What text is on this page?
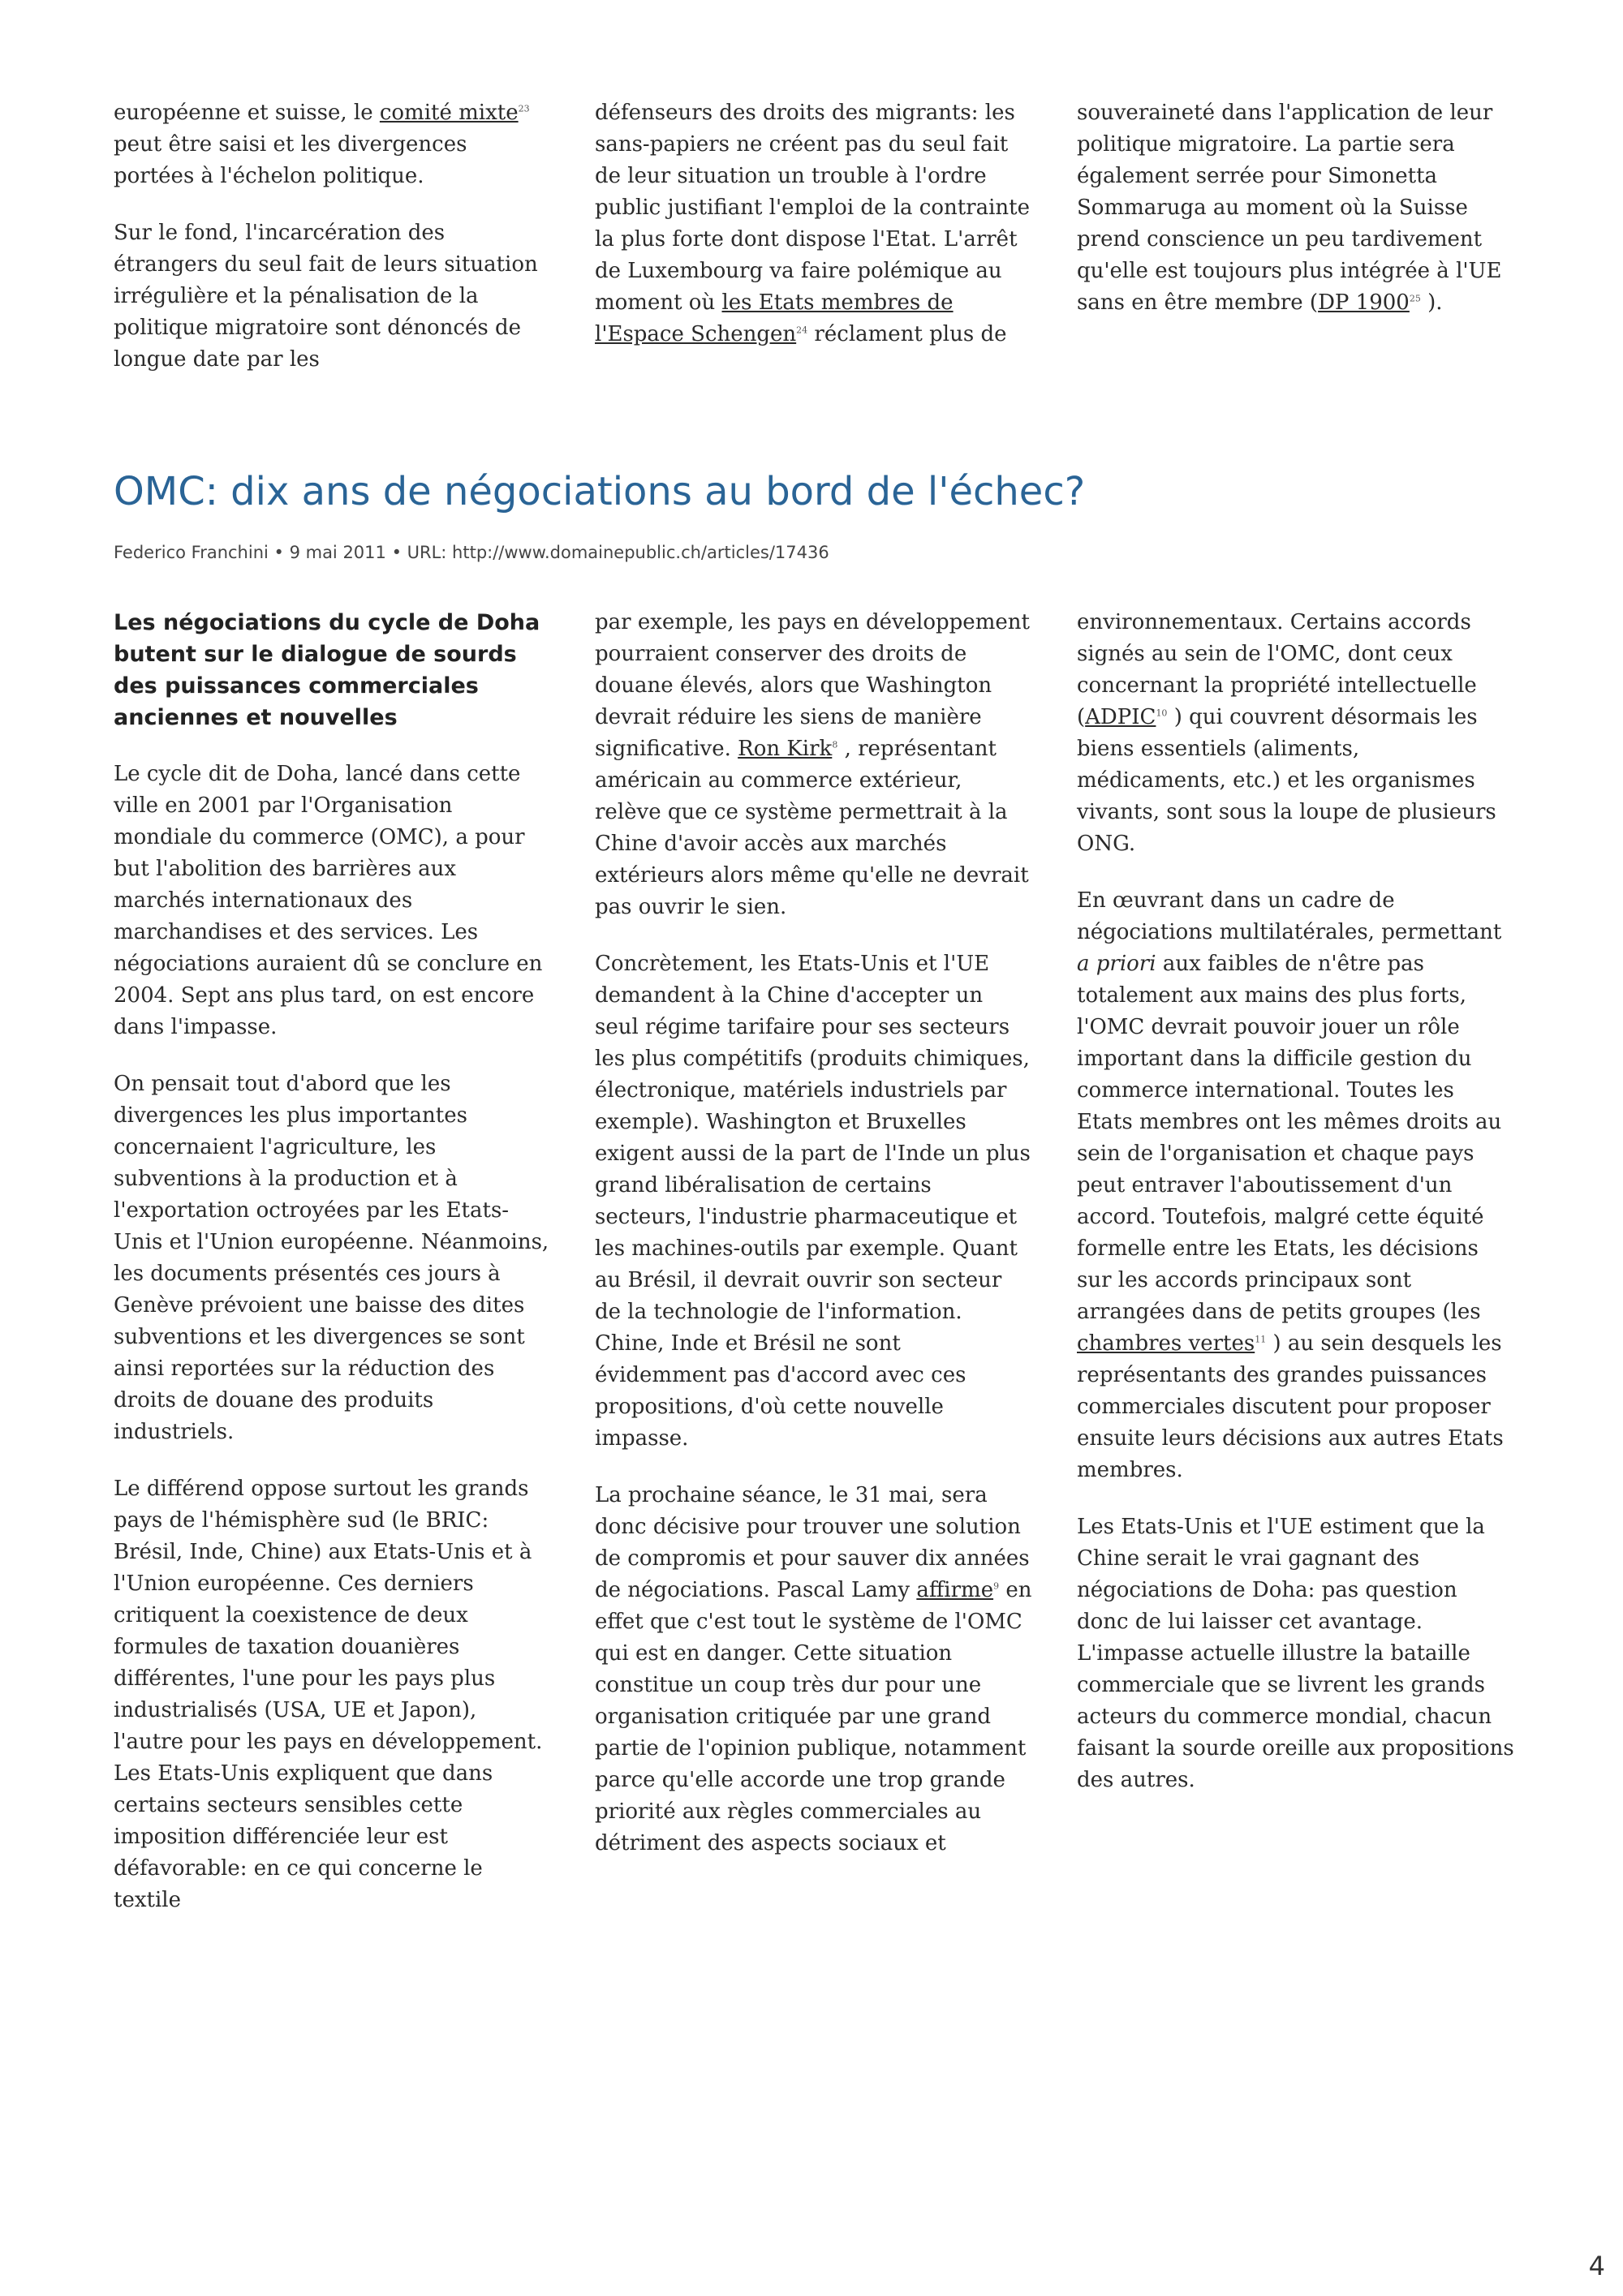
européenne et suisse, le comité mixte$^{23}$ peut être saisi et les divergences portées à l'échelon politique.

Sur le fond, l'incarcération des étrangers du seul fait de leurs situation irrégulière et la pénalisation de la politique migratoire sont dénoncés de longue date par les

défenseurs des droits des migrants: les sans-papiers ne créent pas du seul fait de leur situation un trouble à l'ordre public justifiant l'emploi de la contrainte la plus forte dont dispose l'Etat. L'arrêt de Luxembourg va faire polémique au moment où les Etats membres de l'Espace Schengen$^{24}$ réclament plus de

souveraineté dans l'application de leur politique migratoire. La partie sera également serrée pour Simonetta Sommaruga au moment où la Suisse prend conscience un peu tardivement qu'elle est toujours plus intégrée à l'UE sans en être membre (DP 1900$^{25}$ ).

OMC: dix ans de négociations au bord de l'échec?
Federico Franchini • 9 mai 2011 • URL: http://www.domainepublic.ch/articles/17436

Les négociations du cycle de Doha butent sur le dialogue de sourds des puissances commerciales anciennes et nouvelles

Le cycle dit de Doha, lancé dans cette ville en 2001 par l'Organisation mondiale du commerce (OMC), a pour but l'abolition des barrières aux marchés internationaux des marchandises et des services. Les négociations auraient dû se conclure en 2004. Sept ans plus tard, on est encore dans l'impasse.

On pensait tout d'abord que les divergences les plus importantes concernaient l'agriculture, les subventions à la production et à l'exportation octroyées par les Etats-Unis et l'Union européenne. Néanmoins, les documents présentés ces jours à Genève prévoient une baisse des dites subventions et les divergences se sont ainsi reportées sur la réduction des droits de douane des produits industriels.

Le différend oppose surtout les grands pays de l'hémisphère sud (le BRIC: Brésil, Inde, Chine) aux Etats-Unis et à l'Union européenne. Ces derniers critiquent la coexistence de deux formules de taxation douanières différentes, l'une pour les pays plus industrialisés (USA, UE et Japon), l'autre pour les pays en développement. Les Etats-Unis expliquent que dans certains secteurs sensibles cette imposition différenciée leur est défavorable: en ce qui concerne le textile

par exemple, les pays en développement pourraient conserver des droits de douane élevés, alors que Washington devrait réduire les siens de manière significative. Ron Kirk$^8$ , représentant américain au commerce extérieur, relève que ce système permettrait à la Chine d'avoir accès aux marchés extérieurs alors même qu'elle ne devrait pas ouvrir le sien.

Concrètement, les Etats-Unis et l'UE demandent à la Chine d'accepter un seul régime tarifaire pour ses secteurs les plus compétitifs (produits chimiques, électronique, matériels industriels par exemple). Washington et Bruxelles exigent aussi de la part de l'Inde un plus grand libéralisation de certains secteurs, l'industrie pharmaceutique et les machines-outils par exemple. Quant au Brésil, il devrait ouvrir son secteur de la technologie de l'information. Chine, Inde et Brésil ne sont évidemment pas d'accord avec ces propositions, d'où cette nouvelle impasse.

La prochaine séance, le 31 mai, sera donc décisive pour trouver une solution de compromis et pour sauver dix années de négociations. Pascal Lamy affirme$^9$ en effet que c'est tout le système de l'OMC qui est en danger. Cette situation constitue un coup très dur pour une organisation critiquée par une grand partie de l'opinion publique, notamment parce qu'elle accorde une trop grande priorité aux règles commerciales au détriment des aspects sociaux et

environnementaux. Certains accords signés au sein de l'OMC, dont ceux concernant la propriété intellectuelle (ADPIC$^{10}$ ) qui couvrent désormais les biens essentiels (aliments, médicaments, etc.) et les organismes vivants, sont sous la loupe de plusieurs ONG.

En œuvrant dans un cadre de négociations multilatérales, permettant a priori aux faibles de n'être pas totalement aux mains des plus forts, l'OMC devrait pouvoir jouer un rôle important dans la difficile gestion du commerce international. Toutes les Etats membres ont les mêmes droits au sein de l'organisation et chaque pays peut entraver l'aboutissement d'un accord. Toutefois, malgré cette équité formelle entre les Etats, les décisions sur les accords principaux sont arrangées dans de petits groupes (les chambres vertes$^{11}$ ) au sein desquels les représentants des grandes puissances commerciales discutent pour proposer ensuite leurs décisions aux autres Etats membres.

Les Etats-Unis et l'UE estiment que la Chine serait le vrai gagnant des négociations de Doha: pas question donc de lui laisser cet avantage. L'impasse actuelle illustre la bataille commerciale que se livrent les grands acteurs du commerce mondial, chacun faisant la sourde oreille aux propositions des autres.

4
